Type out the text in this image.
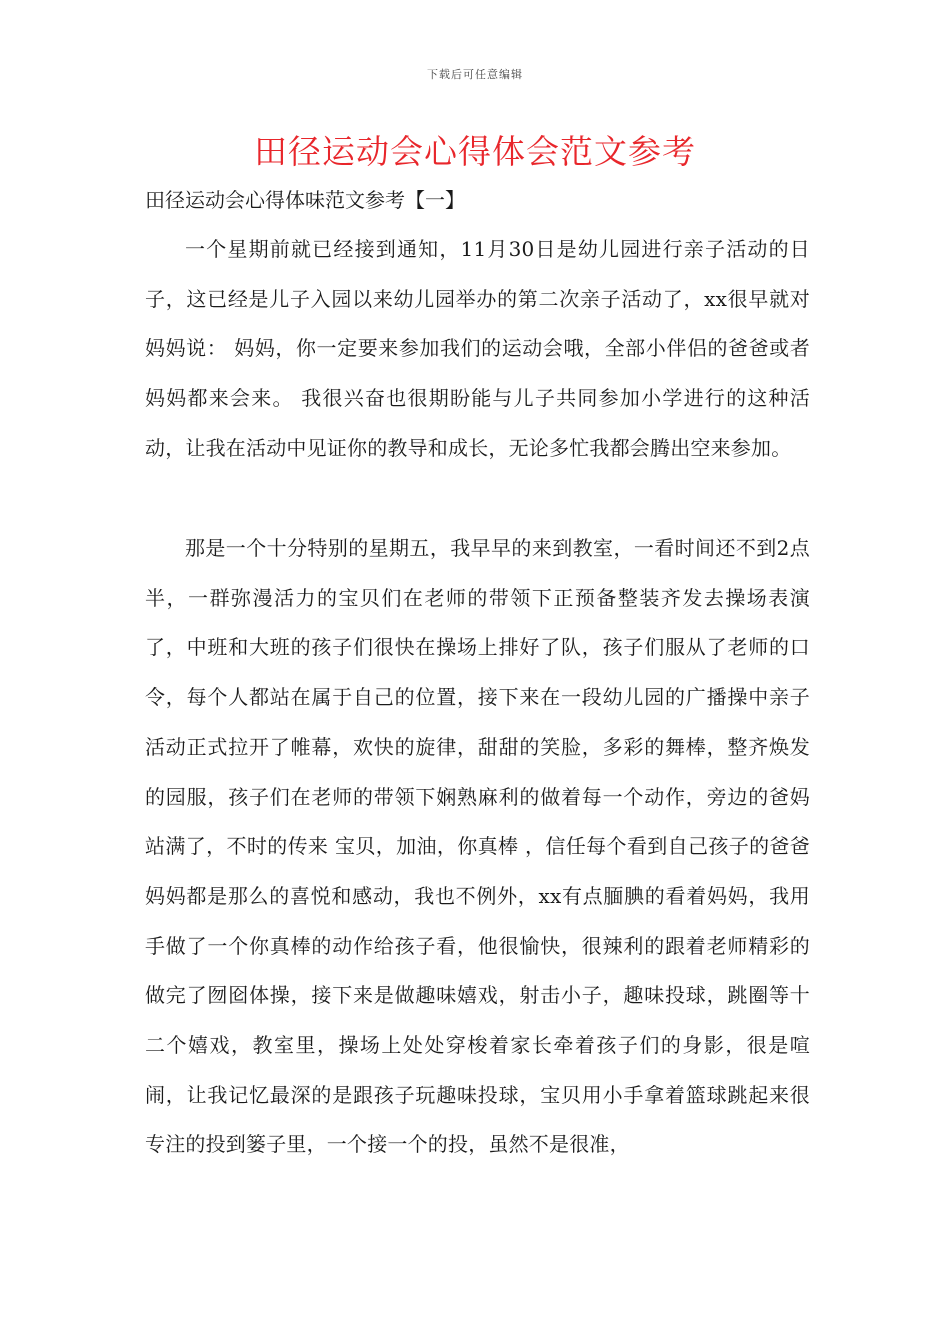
下载后可任意编辑
田径运动会心得体会范文参考

田径运动会心得体味范文参考【一】

一个星期前就已经接到通知，11月30日是幼儿园进行亲子活动的日子，这已经是儿子入园以来幼儿园举办的第二次亲子活动了，xx很早就对妈妈说： 妈妈，你一定要来参加我们的运动会哦，全部小伴侣的爸爸或者妈妈都来会来。 我很兴奋也很期盼能与儿子共同参加小学进行的这种活动，让我在活动中见证你的教导和成长，无论多忙我都会腾出空来参加。

那是一个十分特别的星期五，我早早的来到教室，一看时间还不到2点半，一群弥漫活力的宝贝们在老师的带领下正预备整装齐发去操场表演了，中班和大班的孩子们很快在操场上排好了队，孩子们服从了老师的口令，每个人都站在属于自己的位置，接下来在一段幼儿园的广播操中亲子活动正式拉开了帷幕，欢快的旋律，甜甜的笑脸，多彩的舞棒，整齐焕发的园服，孩子们在老师的带领下娴熟麻利的做着每一个动作，旁边的爸妈站满了，不时的传来 宝贝，加油，你真棒 ，信任每个看到自己孩子的爸爸妈妈都是那么的喜悦和感动，我也不例外，xx有点腼腆的看着妈妈，我用手做了一个你真棒的动作给孩子看，他很愉快，很辣利的跟着老师精彩的做完了囫囵体操，接下来是做趣味嬉戏，射击小子，趣味投球，跳圈等十二个嬉戏，教室里，操场上处处穿梭着家长牵着孩子们的身影，很是喧闹，让我记忆最深的是跟孩子玩趣味投球，宝贝用小手拿着篮球跳起来很专注的投到篓子里，一个接一个的投，虽然不是很准，
